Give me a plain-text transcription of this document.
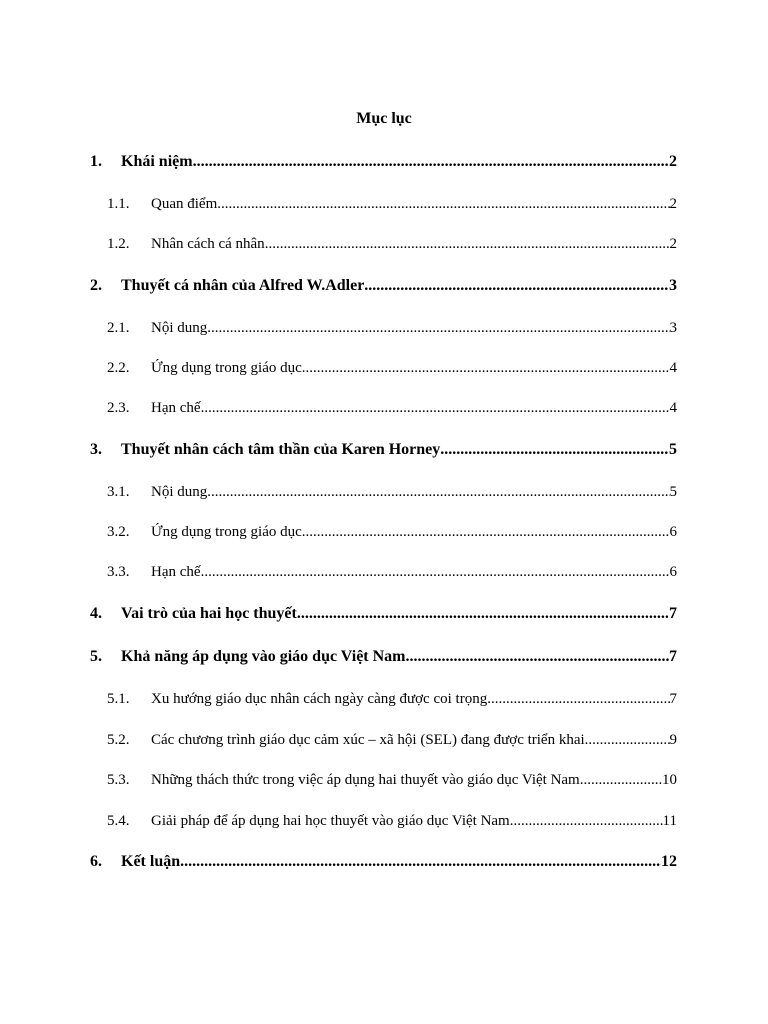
Mục lục
1. Khái niệm .....	2
1.1. Quan điểm .....	2
1.2. Nhân cách cá nhân .....	2
2. Thuyết cá nhân của Alfred W.Adler .....	3
2.1. Nội dung .....	3
2.2. Ứng dụng trong giáo dục .....	4
2.3. Hạn chế .....	4
3. Thuyết nhân cách tâm thần của Karen Horney .....	5
3.1. Nội dung .....	5
3.2. Ứng dụng trong giáo dục .....	6
3.3. Hạn chế .....	6
4. Vai trò của hai học thuyết .....	7
5. Khả năng áp dụng vào giáo dục Việt Nam .....	7
5.1. Xu hướng giáo dục nhân cách ngày càng được coi trọng .....	7
5.2. Các chương trình giáo dục cảm xúc – xã hội (SEL) đang được triển khai .....	9
5.3. Những thách thức trong việc áp dụng hai thuyết vào giáo dục Việt Nam .....	10
5.4. Giải pháp để áp dụng hai học thuyết vào giáo dục Việt Nam .....	11
6. Kết luận .....	12
